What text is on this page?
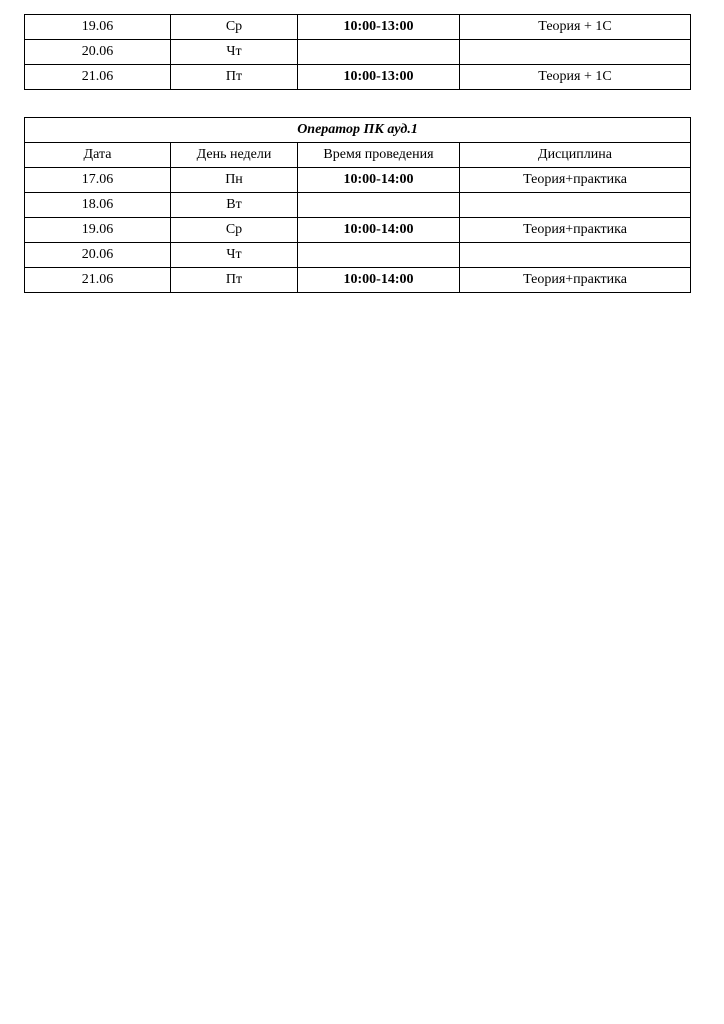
19.06	Ср	10:00-13:00	Теория + 1С
20.06	Чт		
21.06	Пт	10:00-13:00	Теория + 1С
Оператор ПК ауд.1			
Дата	День недели	Время проведения	Дисциплина
17.06	Пн	10:00-14:00	Теория+практика
18.06	Вт		
19.06	Ср	10:00-14:00	Теория+практика
20.06	Чт		
21.06	Пт	10:00-14:00	Теория+практика
